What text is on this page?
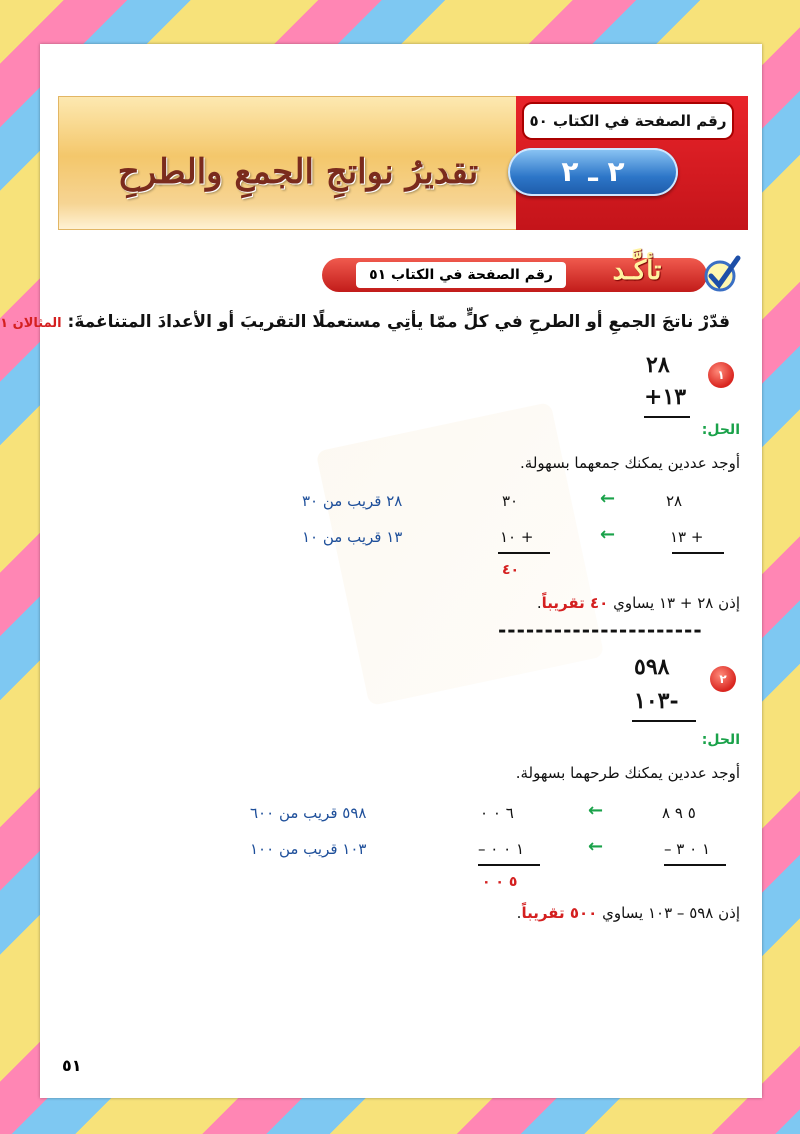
تقديرُ نواتجِ الجمعِ والطرحِ
رقم الصفحة في الكتاب ٥٠
٢ ـ ٢
رقم الصفحة في الكتاب ٥١	تأكَّـد
قدّرْ ناتجَ الجمعِ أو الطرحِ في كلٍّ ممّا يأتِي مستعملًا التقريبَ أو الأعدادَ المتناغمةَ: المثالان ١
١
٢٨
+١٣
الحل:
أوجد عددين يمكنك جمعهما بسهولة.
٢٨
←
٣٠
٢٨ قريب من ٣٠
+ ١٣
←
+ ١٠
١٣ قريب من ١٠
٤٠
إذن ٢٨ + ١٣ يساوي ٤٠ تقريباً.
----------------------
٢
٥٩٨
١٠٣-
الحل:
أوجد عددين يمكنك طرحهما بسهولة.
٥ ٩ ٨
←
٦ ٠ ٠
٥٩٨ قريب من ٦٠٠
١ ٠ ٣ –
←
١ ٠ ٠ –
١٠٣ قريب من ١٠٠
٥ ٠ ٠
إذن ٥٩٨ – ١٠٣ يساوي ٥٠٠ تقريباً.
٥١
